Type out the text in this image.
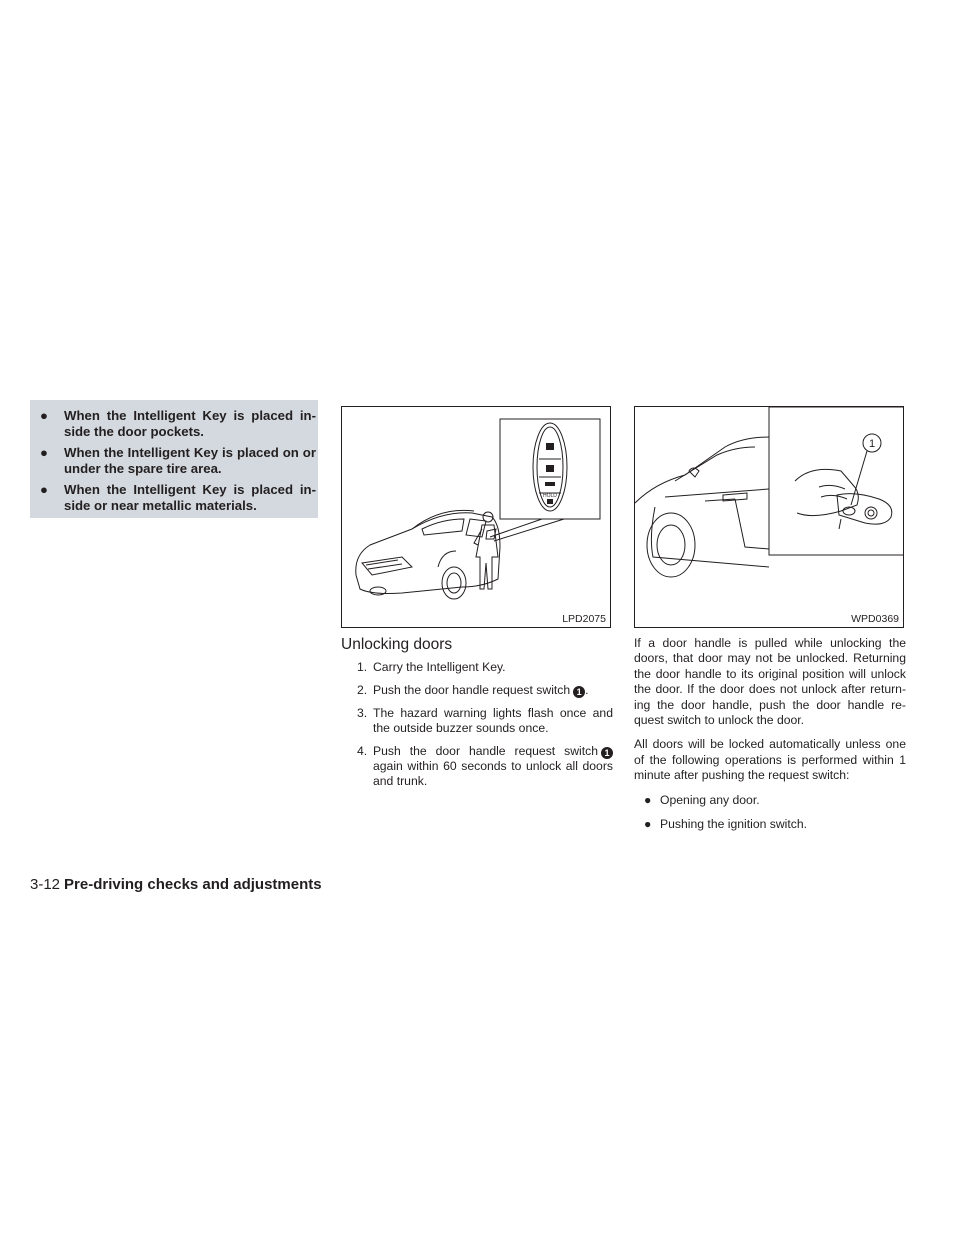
● When the Intelligent Key is placed in-side the door pockets.
● When the Intelligent Key is placed on or under the spare tire area.
● When the Intelligent Key is placed in-side or near metallic materials.
HOLD
LPD2075
1
WPD0369
Unlocking doors
1. Carry the Intelligent Key.
2. Push the door handle request switch 1 .
3. The hazard warning lights flash once and the outside buzzer sounds once.
4. Push the door handle request switch 1 again within 60 seconds to unlock all doors and trunk.

If a door handle is pulled while unlocking the doors, that door may not be unlocked. Returning the door handle to its original position will unlock the door. If the door does not unlock after return-ing the door handle, push the door handle re-quest switch to unlock the door.

All doors will be locked automatically unless one of the following operations is performed within 1 minute after pushing the request switch:

● Opening any door.
● Pushing the ignition switch.
3-12 Pre-driving checks and adjustments
